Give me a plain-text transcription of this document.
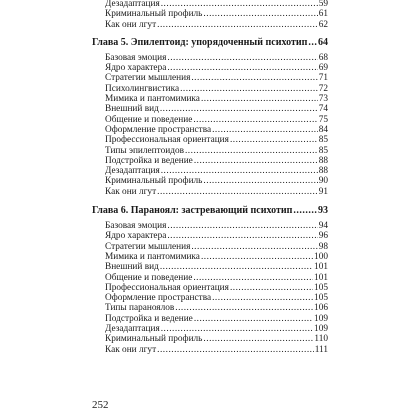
Дезадаптация .....	59
Криминальный профиль .....	61
Как они лгут .....	62
Глава 5. Эпилептоид: упорядоченный психотип ..... 64
Базовая эмоция .....	68
Ядро характера .....	69
Стратегии мышления .....	71
Психолингвистика .....	72
Мимика и пантомимика .....	73
Внешний вид .....	74
Общение и поведение .....	75
Оформление пространства .....	84
Профессиональная ориентация .....	85
Типы эпилептоидов .....	85
Подстройка и ведение .....	88
Дезадаптация .....	88
Криминальный профиль .....	90
Как они лгут .....	91
Глава 6. Параноял: застревающий психотип .....	93
Базовая эмоция .....	94
Ядро характера .....	96
Стратегии мышления .....	98
Мимика и пантомимика .....	100
Внешний вид .....	101
Общение и поведение .....	101
Профессиональная ориентация .....	105
Оформление пространства .....	105
Типы параноялов .....	106
Подстройка и ведение .....	109
Дезадаптация .....	109
Криминальный профиль .....	110
Как они лгут .....	111
252
